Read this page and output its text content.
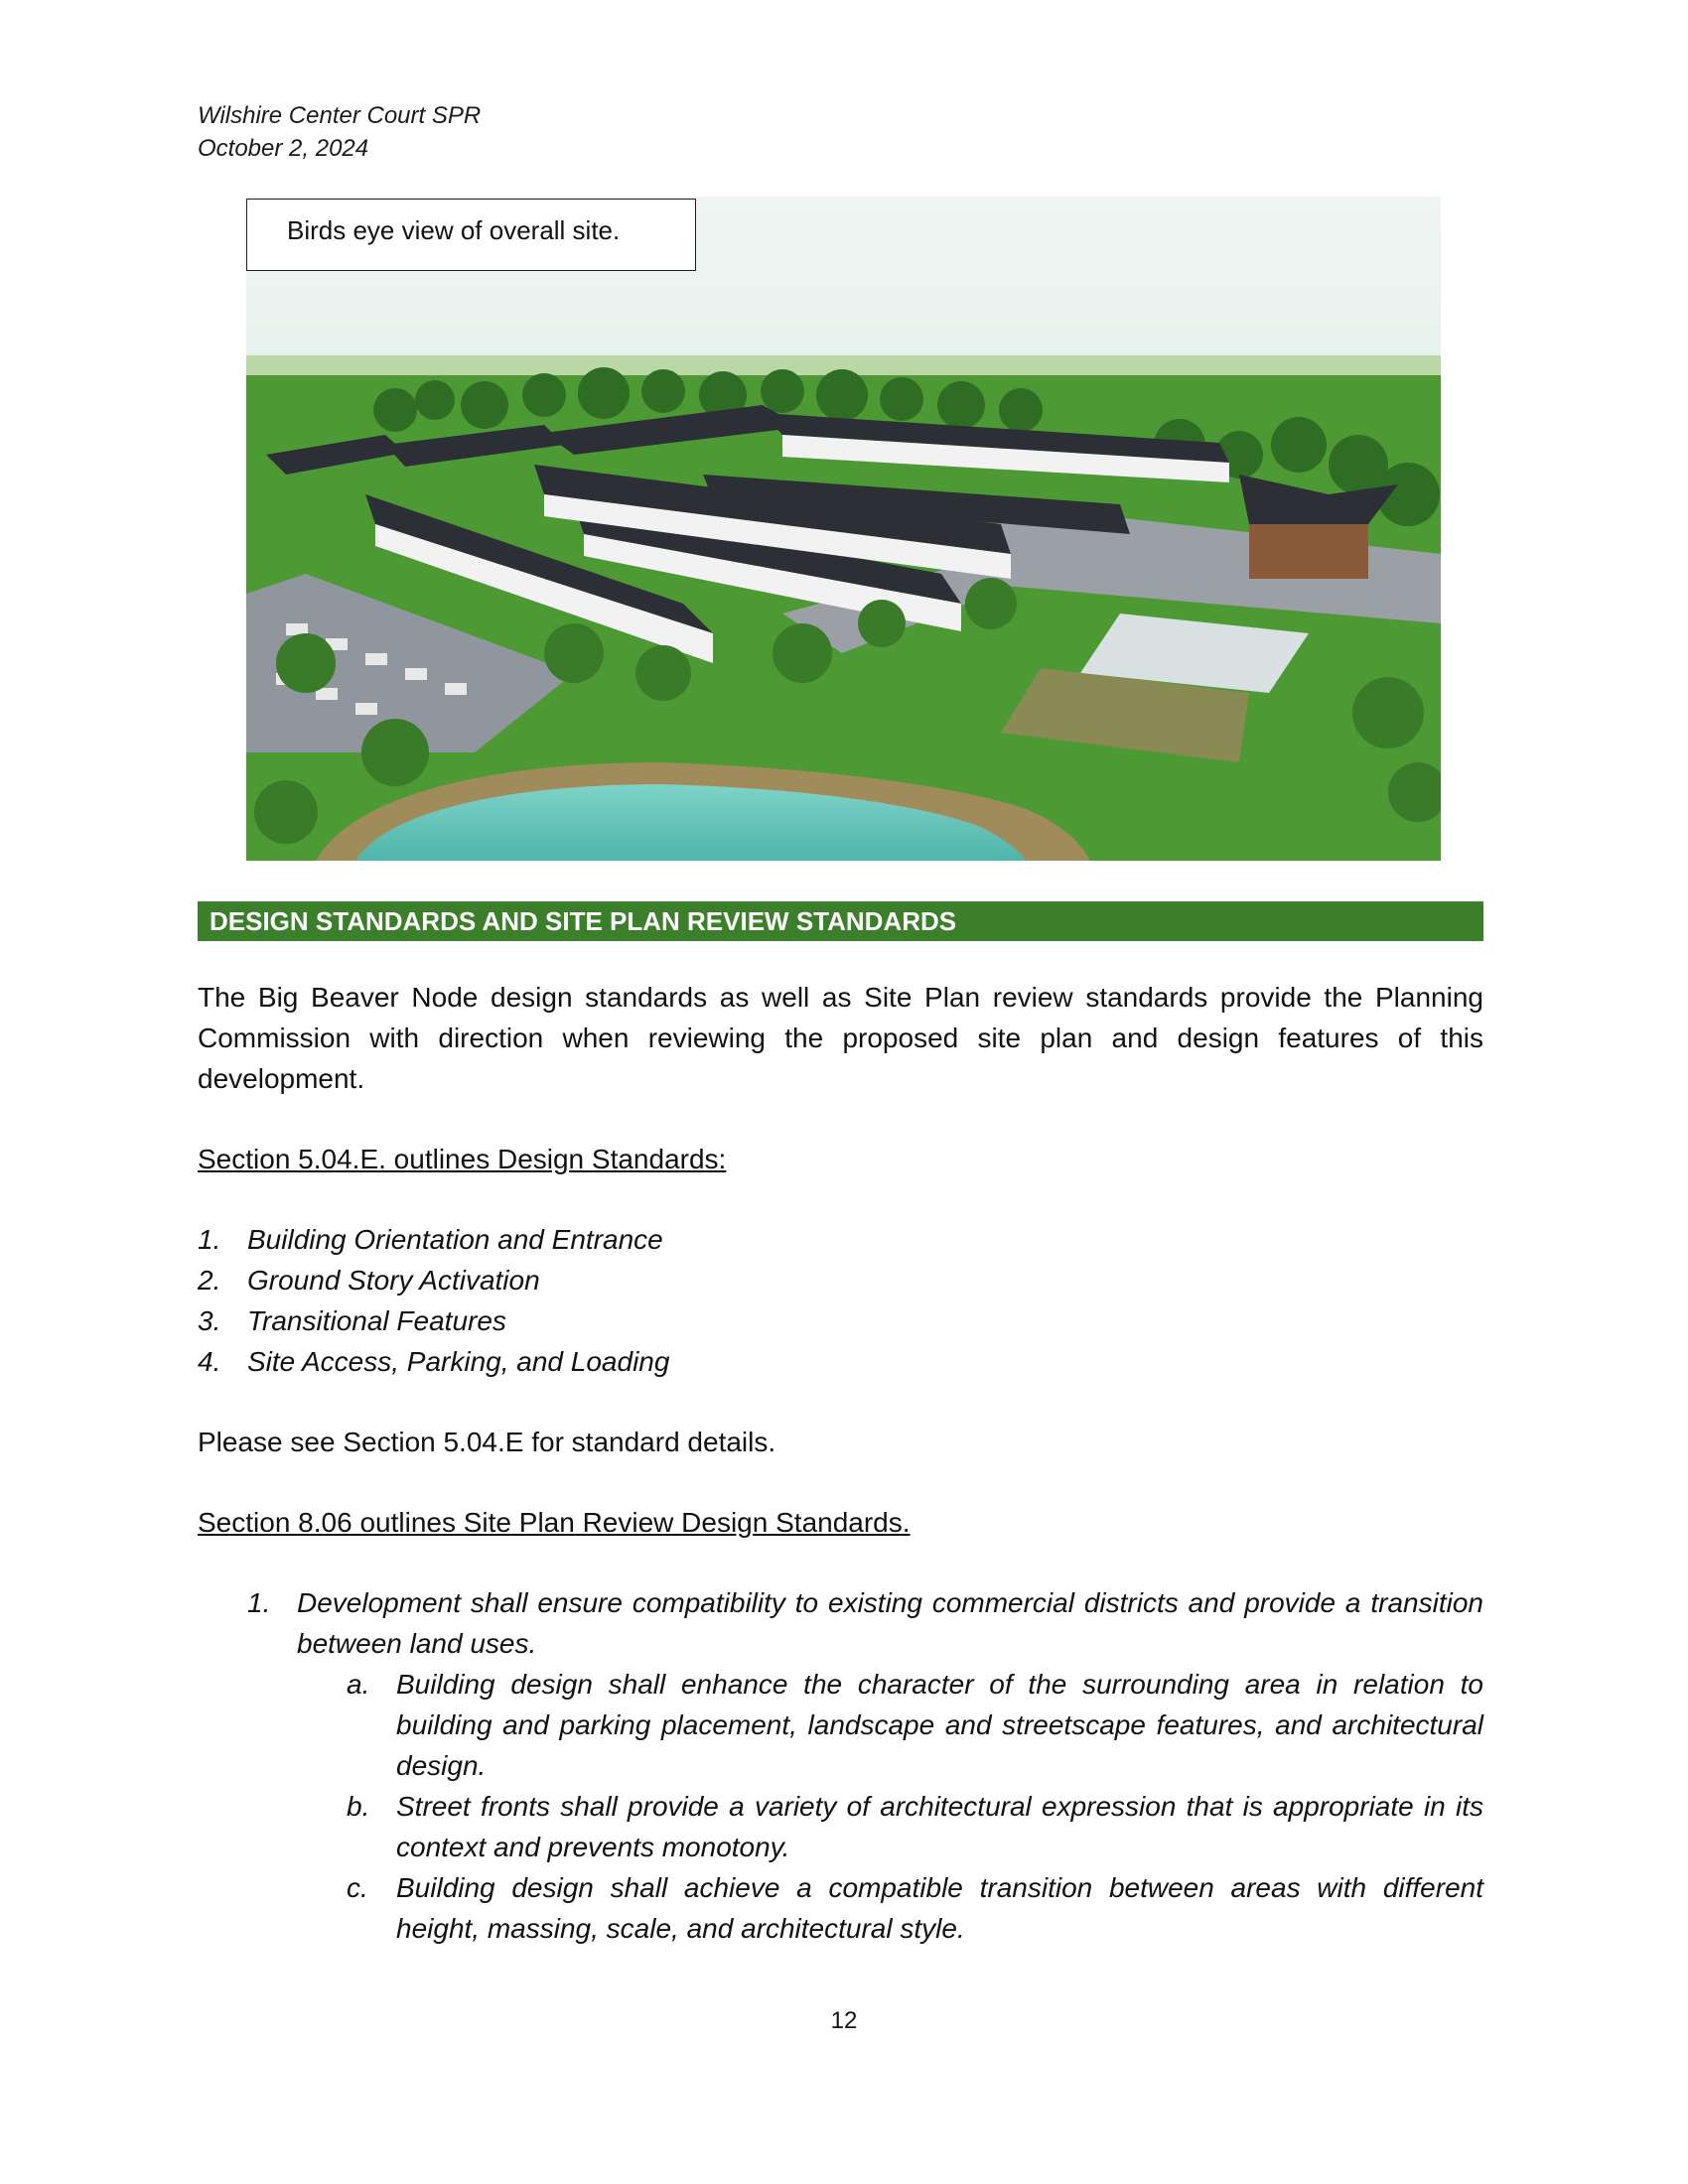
Wilshire Center Court SPR
October 2, 2024
Birds eye view of overall site.
DESIGN STANDARDS AND SITE PLAN REVIEW STANDARDS
The Big Beaver Node design standards as well as Site Plan review standards provide the Planning Commission with direction when reviewing the proposed site plan and design features of this development.
Section 5.04.E. outlines Design Standards:
1. Building Orientation and Entrance
2. Ground Story Activation
3. Transitional Features
4. Site Access, Parking, and Loading
Please see Section 5.04.E for standard details.
Section 8.06 outlines Site Plan Review Design Standards.
1. Development shall ensure compatibility to existing commercial districts and provide a transition between land uses.
a. Building design shall enhance the character of the surrounding area in relation to building and parking placement, landscape and streetscape features, and architectural design.
b. Street fronts shall provide a variety of architectural expression that is appropriate in its context and prevents monotony.
c. Building design shall achieve a compatible transition between areas with different height, massing, scale, and architectural style.
12
